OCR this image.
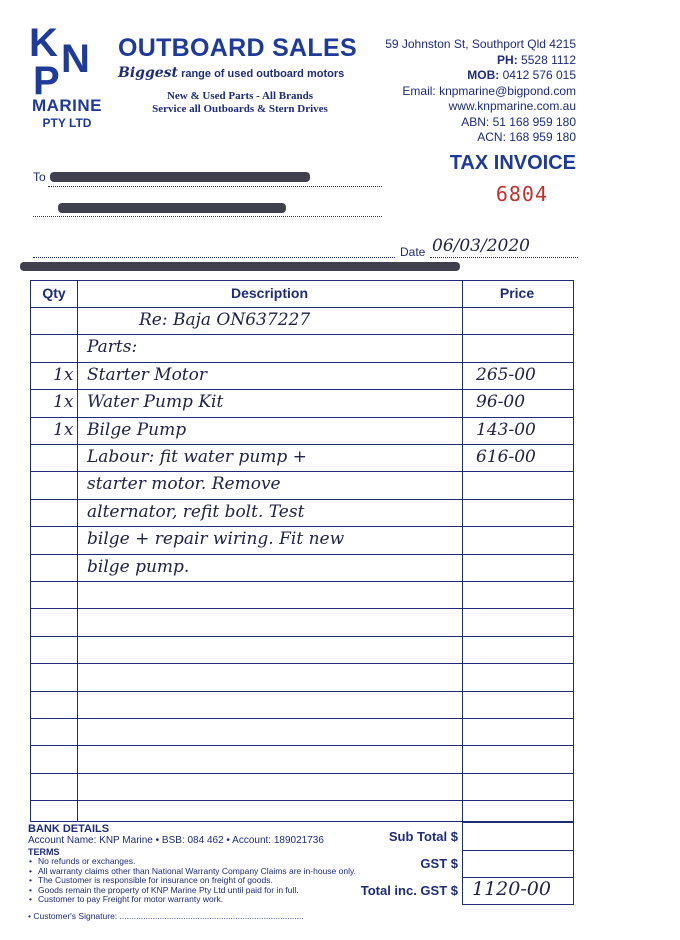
K N
P
MARINE
PTY LTD
OUTBOARD SALES
Biggest range of used outboard motors
New & Used Parts - All Brands
Service all Outboards & Stern Drives
59 Johnston St, Southport Qld 4215
PH: 5528 1112
MOB: 0412 576 015
Email: knpmarine@bigpond.com
www.knpmarine.com.au
ABN: 51 168 959 180
ACN: 168 959 180
TAX INVOICE
6804
To
Date 06/03/2020
Qty	Description	Price
Re: Baja ON637227
Parts:
1x Starter Motor	265-00
1x Water Pump Kit	96-00
1x Bilge Pump	143-00
Labour: fit water pump +	616-00
starter motor. Remove
alternator, refit bolt. Test
bilge + repair wiring. Fit new
bilge pump.
BANK DETAILS
Account Name: KNP Marine • BSB: 084 462 • Account: 189021736
TERMS
• No refunds or exchanges.
• All warranty claims other than National Warranty Company Claims are in-house only.
• The Customer is responsible for insurance on freight of goods.
• Goods remain the property of KNP Marine Pty Ltd until paid for in full.
• Customer to pay Freight for motor warranty work.
• Customer's Signature: ..............................................................................
Sub Total $
GST $
Total inc. GST $ 1120-00
